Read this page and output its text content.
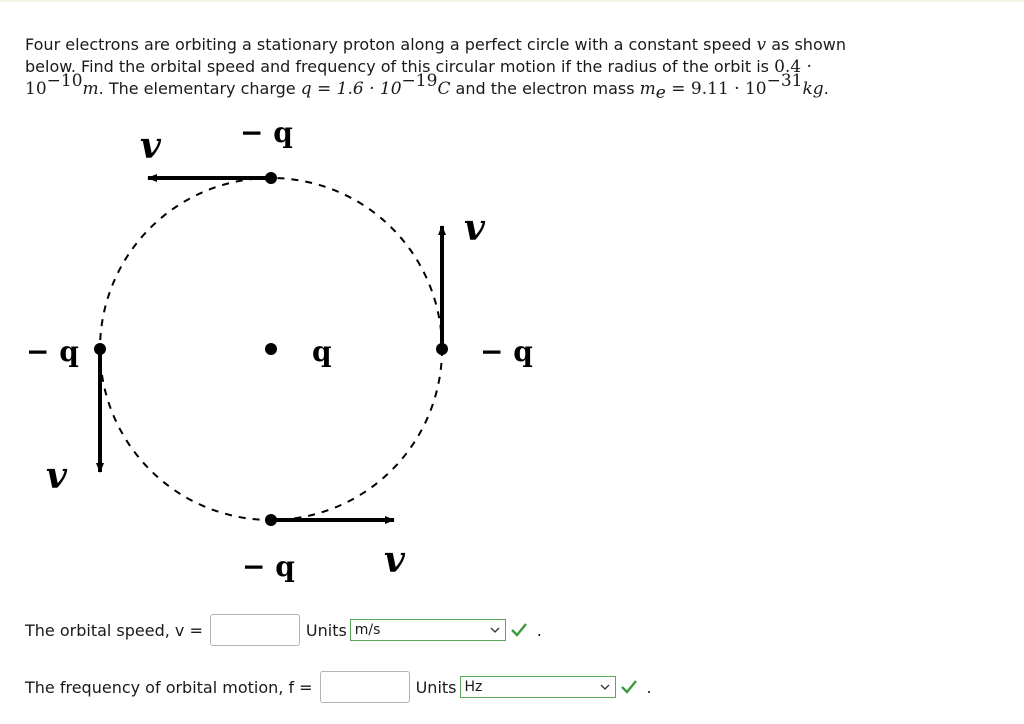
Four electrons are orbiting a stationary proton along a perfect circle with a constant speed v as shown below. Find the orbital speed and frequency of this circular motion if the radius of the orbit is $0.4 \cdot 10^{-10}m$. The elementary charge $q = 1.6 \cdot 10^{-19}C$ and the electron mass $m_e = 9.11 \cdot 10^{-31}kg$.
v
v
v
v
− q
− q
− q
− q	q
The orbital speed, v =	Units m/s	.
The frequency of orbital motion, f =	Units Hz	.
